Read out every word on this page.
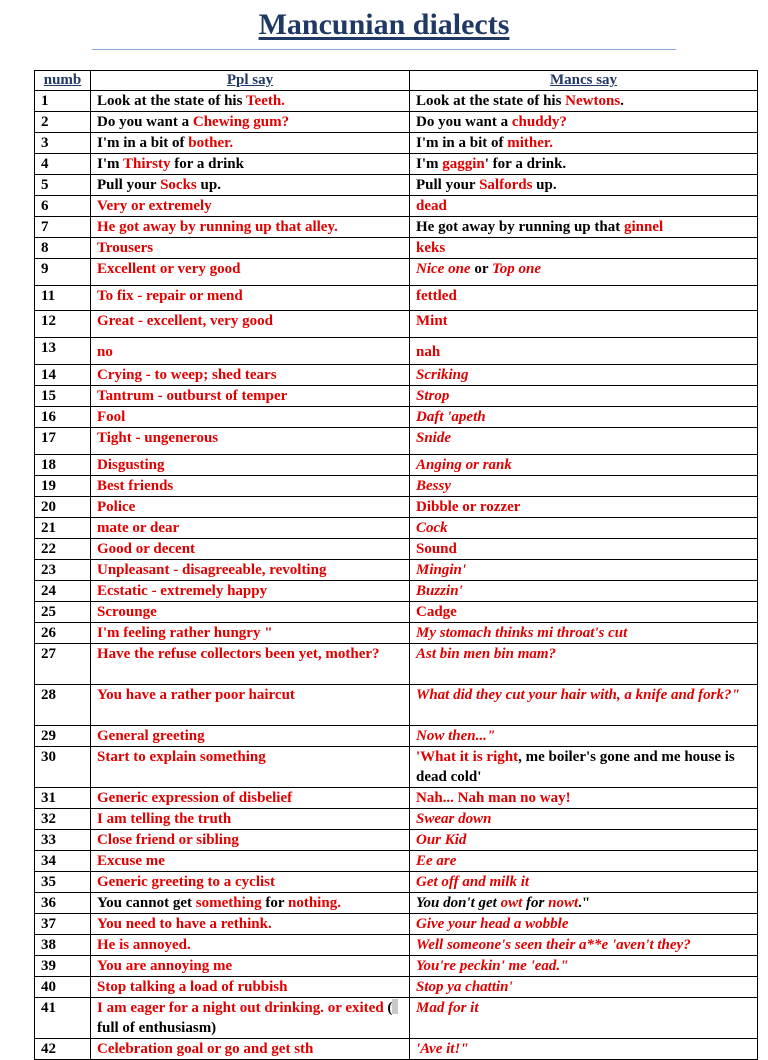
Mancunian dialects
numb	Ppl say	Mancs say
1	Look at the state of his Teeth.	Look at the state of his Newtons.
2	Do you want a Chewing gum?	Do you want a chuddy?
3	I'm in a bit of bother.	I'm in a bit of mither.
4	I'm Thirsty for a drink	I'm gaggin' for a drink.
5	Pull your Socks up.	Pull your Salfords up.
6	Very or extremely	dead
7	He got away by running up that alley.	He got away by running up that ginnel
8	Trousers	keks
9	Excellent or very good	Nice one or Top one
11	To fix - repair or mend	fettled
12	Great - excellent, very good	Mint
13	no	nah
14	Crying - to weep; shed tears	Scriking
15	Tantrum - outburst of temper	Strop
16	Fool	Daft 'apeth
17	Tight - ungenerous	Snide
18	Disgusting	Anging or rank
19	Best friends	Bessy
20	Police	Dibble or rozzer
21	mate or dear	Cock
22	Good or decent	Sound
23	Unpleasant - disagreeable, revolting	Mingin'
24	Ecstatic - extremely happy	Buzzin'
25	Scrounge	Cadge
26	I'm feeling rather hungry "	My stomach thinks mi throat's cut
27	Have the refuse collectors been yet, mother?	Ast bin men bin mam?
28	You have a rather poor haircut	What did they cut your hair with, a knife and fork?"
29	General greeting	Now then..."
30	Start to explain something	'What it is right, me boiler's gone and me house is dead cold'
31	Generic expression of disbelief	Nah... Nah man no way!
32	I am telling the truth	Swear down
33	Close friend or sibling	Our Kid
34	Excuse me	Ee are
35	Generic greeting to a cyclist	Get off and milk it
36	You cannot get something for nothing.	You don't get owt for nowt."
37	You need to have a rethink.	Give your head a wobble
38	He is annoyed.	Well someone's seen their a**e 'aven't they?
39	You are annoying me	You're peckin' me 'ead."
40	Stop talking a load of rubbish	Stop ya chattin'
41	I am eager for a night out drinking. or exited (full of enthusiasm)	Mad for it
42	Celebration goal or go and get sth	'Ave it!"
